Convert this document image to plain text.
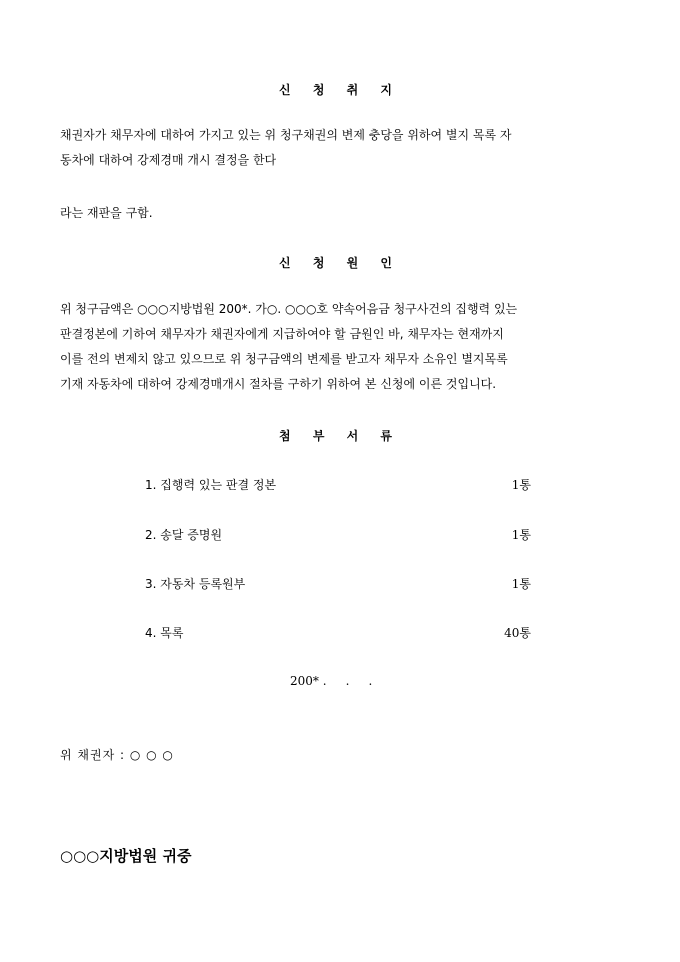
신 청 취 지
채권자가 채무자에 대하여 가지고 있는 위 청구채권의 변제 충당을 위하여 별지 목록 자
동차에 대하여 강제경매 개시 결정을 한다
라는 재판을 구함.
신 청 원 인
위 청구금액은 ○○○지방법원 200*. 가○. ○○○호 약속어음금 청구사건의 집행력 있는
판결정본에 기하여 채무자가 채권자에게 지급하여야 할 금원인 바, 채무자는 현재까지
이를 전의 변제치 않고 있으므로 위 청구금액의 변제를 받고자 채무자 소유인 별지목록
기재 자동차에 대하여 강제경매개시 절차를 구하기 위하여 본 신청에 이른 것입니다.
첨 부 서 류
1. 집행력 있는 판결 정본	1통
2. 송달 증명원	1통
3. 자동차 등록원부	1통
4. 목록	40통
200* .     .     .
위 채권자 : ○ ○ ○
○○○지방법원 귀중
